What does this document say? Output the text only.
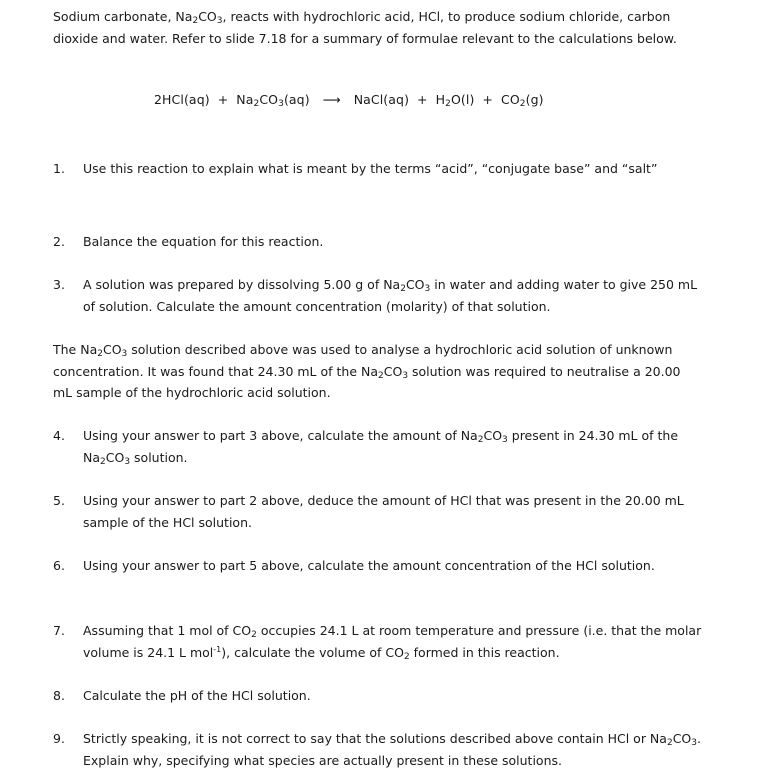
Sodium carbonate, $Na_2CO_3$, reacts with hydrochloric acid, HCl, to produce sodium chloride, carbon
dioxide and water. Refer to slide 7.18 for a summary of formulae relevant to the calculations below.
$2HCl(aq) + Na_2CO_3(aq)$ ⟶ NaCl(aq) + $H_2O(l) + CO_2(g)$
1. Use this reaction to explain what is meant by the terms “acid”, “conjugate base” and “salt”
2. Balance the equation for this reaction.
3. A solution was prepared by dissolving 5.00 g of $Na_2CO_3$ in water and adding water to give 250 mL
of solution. Calculate the amount concentration (molarity) of that solution.
The $Na_2CO_3$ solution described above was used to analyse a hydrochloric acid solution of unknown
concentration. It was found that 24.30 mL of the $Na_2CO_3$ solution was required to neutralise a 20.00
mL sample of the hydrochloric acid solution.
4. Using your answer to part 3 above, calculate the amount of $Na_2CO_3$ present in 24.30 mL of the
$Na_2CO_3$ solution.
5. Using your answer to part 2 above, deduce the amount of HCl that was present in the 20.00 mL
sample of the HCl solution.
6. Using your answer to part 5 above, calculate the amount concentration of the HCl solution.
7. Assuming that 1 mol of $CO_2$ occupies 24.1 L at room temperature and pressure (i.e. that the molar
volume is 24.1 L mol$^{-1}$), calculate the volume of $CO_2$ formed in this reaction.
8. Calculate the pH of the HCl solution.
9. Strictly speaking, it is not correct to say that the solutions described above contain HCl or $Na_2CO_3$.
Explain why, specifying what species are actually present in these solutions.
